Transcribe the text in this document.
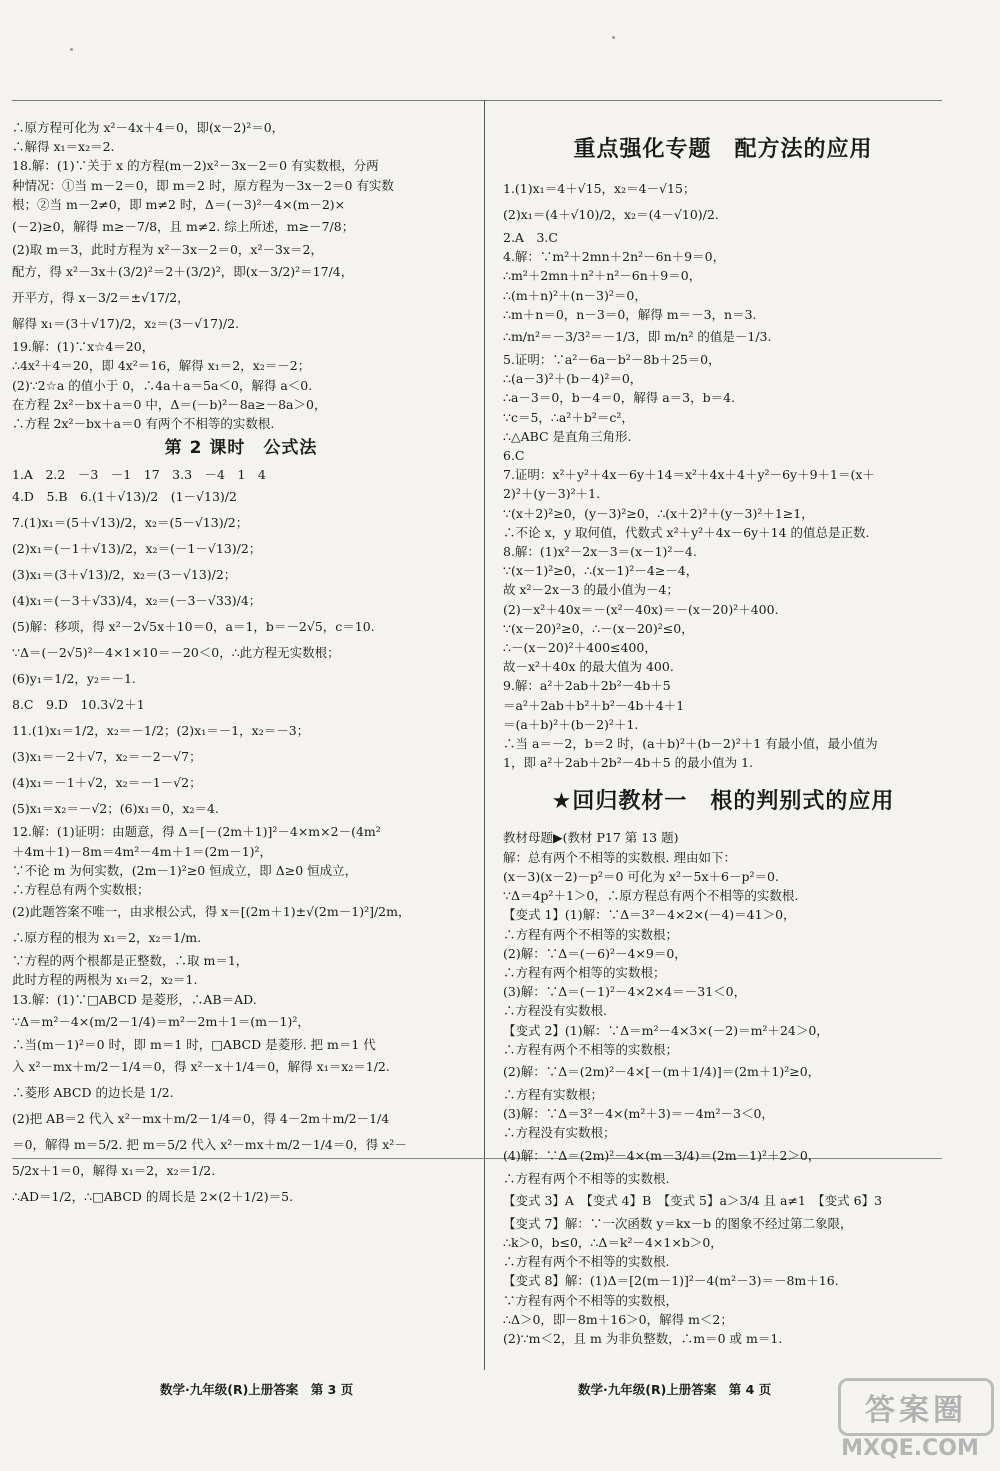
∴原方程可化为 x²－4x＋4＝0，即(x－2)²＝0，
∴解得 x₁＝x₂＝2.
18.解：(1)∵关于 x 的方程(m－2)x²－3x－2＝0 有实数根，分两
种情况：①当 m－2＝0，即 m＝2 时，原方程为－3x－2＝0 有实数
根；②当 m－2≠0，即 m≠2 时，Δ＝(－3)²－4×(m－2)×
(－2)≥0，解得 m≥－7/8，且 m≠2. 综上所述，m≥－7/8；
(2)取 m＝3，此时方程为 x²－3x－2＝0，x²－3x＝2，
配方，得 x²－3x＋(3/2)²＝2＋(3/2)²，即(x－3/2)²＝17/4，
开平方，得 x－3/2＝±√17/2，
解得 x₁＝(3＋√17)/2，x₂＝(3－√17)/2.
19.解：(1)∵x☆4＝20，
∴4x²＋4＝20，即 4x²＝16，解得 x₁＝2，x₂＝－2；
(2)∵2☆a 的值小于 0，∴4a＋a＝5a＜0，解得 a＜0.
在方程 2x²－bx＋a＝0 中，Δ＝(－b)²－8a≥－8a＞0，
∴方程 2x²－bx＋a＝0 有两个不相等的实数根.
第 2 课时　公式法
1.A　2.2　－3　－1　17　3.3　－4　1　4
4.D　5.B　6.(1＋√13)/2　(1－√13)/2
7.(1)x₁＝(5＋√13)/2，x₂＝(5－√13)/2；
(2)x₁＝(－1＋√13)/2，x₂＝(－1－√13)/2；
(3)x₁＝(3＋√13)/2，x₂＝(3－√13)/2；
(4)x₁＝(－3＋√33)/4，x₂＝(－3－√33)/4；
(5)解：移项，得 x²－2√5x＋10＝0，a＝1，b＝－2√5，c＝10.
∵Δ＝(－2√5)²－4×1×10＝－20＜0，∴此方程无实数根；
(6)y₁＝1/2，y₂＝－1.
8.C　9.D　10.3√2＋1
11.(1)x₁＝1/2，x₂＝－1/2；(2)x₁＝－1，x₂＝－3；
(3)x₁＝－2＋√7，x₂＝－2－√7；
(4)x₁＝－1＋√2，x₂＝－1－√2；
(5)x₁＝x₂＝－√2；(6)x₁＝0，x₂＝4.
12.解：(1)证明：由题意，得 Δ＝[－(2m＋1)]²－4×m×2－(4m²
＋4m＋1)－8m＝4m²－4m＋1＝(2m－1)²，
∵不论 m 为何实数，(2m－1)²≥0 恒成立，即 Δ≥0 恒成立，
∴方程总有两个实数根；
(2)此题答案不唯一，由求根公式，得 x＝[(2m＋1)±√(2m－1)²]/2m，
∴原方程的根为 x₁＝2，x₂＝1/m.
∵方程的两个根都是正整数，∴取 m＝1，
此时方程的两根为 x₁＝2，x₂＝1.
13.解：(1)∵□ABCD 是菱形，∴AB＝AD.
∵Δ＝m²－4×(m/2－1/4)＝m²－2m＋1＝(m－1)²，
∴当(m－1)²＝0 时，即 m＝1 时，□ABCD 是菱形. 把 m＝1 代
入 x²－mx＋m/2－1/4＝0，得 x²－x＋1/4＝0，解得 x₁＝x₂＝1/2.
∴菱形 ABCD 的边长是 1/2.
(2)把 AB＝2 代入 x²－mx＋m/2－1/4＝0，得 4－2m＋m/2－1/4
＝0，解得 m＝5/2. 把 m＝5/2 代入 x²－mx＋m/2－1/4＝0，得 x²－
5/2x＋1＝0，解得 x₁＝2，x₂＝1/2.
∴AD＝1/2，∴□ABCD 的周长是 2×(2＋1/2)＝5.
重点强化专题　配方法的应用
1.(1)x₁＝4＋√15，x₂＝4－√15；
(2)x₁＝(4＋√10)/2，x₂＝(4－√10)/2.
2.A　3.C
4.解：∵m²＋2mn＋2n²－6n＋9＝0，
∴m²＋2mn＋n²＋n²－6n＋9＝0，
∴(m＋n)²＋(n－3)²＝0，
∴m＋n＝0，n－3＝0，解得 m＝－3，n＝3.
∴m/n²＝－3/3²＝－1/3，即 m/n² 的值是－1/3.
5.证明：∵a²－6a－b²－8b＋25＝0，
∴(a－3)²＋(b－4)²＝0，
∴a－3＝0，b－4＝0，解得 a＝3，b＝4.
∵c＝5，∴a²＋b²＝c²，
∴△ABC 是直角三角形.
6.C
7.证明：x²＋y²＋4x－6y＋14＝x²＋4x＋4＋y²－6y＋9＋1＝(x＋
2)²＋(y－3)²＋1.
∵(x＋2)²≥0，(y－3)²≥0，∴(x＋2)²＋(y－3)²＋1≥1，
∴不论 x，y 取何值，代数式 x²＋y²＋4x－6y＋14 的值总是正数.
8.解：(1)x²－2x－3＝(x－1)²－4.
∵(x－1)²≥0，∴(x－1)²－4≥－4，
故 x²－2x－3 的最小值为－4；
(2)－x²＋40x＝－(x²－40x)＝－(x－20)²＋400.
∵(x－20)²≥0，∴－(x－20)²≤0，
∴－(x－20)²＋400≤400，
故－x²＋40x 的最大值为 400.
9.解：a²＋2ab＋2b²－4b＋5
＝a²＋2ab＋b²＋b²－4b＋4＋1
＝(a＋b)²＋(b－2)²＋1.
∴当 a＝－2，b＝2 时，(a＋b)²＋(b－2)²＋1 有最小值，最小值为
1，即 a²＋2ab＋2b²－4b＋5 的最小值为 1.
★回归教材一　根的判别式的应用
教材母题▶(教材 P17 第 13 题)
解：总有两个不相等的实数根. 理由如下：
(x－3)(x－2)－p²＝0 可化为 x²－5x＋6－p²＝0.
∵Δ＝4p²＋1＞0，∴原方程总有两个不相等的实数根.
【变式 1】(1)解：∵Δ＝3²－4×2×(－4)＝41＞0，
∴方程有两个不相等的实数根；
(2)解：∵Δ＝(－6)²－4×9＝0，
∴方程有两个相等的实数根；
(3)解：∵Δ＝(－1)²－4×2×4＝－31＜0，
∴方程没有实数根.
【变式 2】(1)解：∵Δ＝m²－4×3×(－2)＝m²＋24＞0，
∴方程有两个不相等的实数根；
(2)解：∵Δ＝(2m)²－4×[－(m＋1/4)]＝(2m＋1)²≥0，
∴方程有实数根；
(3)解：∵Δ＝3²－4×(m²＋3)＝－4m²－3＜0，
∴方程没有实数根；
(4)解：∵Δ＝(2m)²－4×(m－3/4)＝(2m－1)²＋2＞0，
∴方程有两个不相等的实数根.
【变式 3】A　【变式 4】B　【变式 5】a＞3/4 且 a≠1　【变式 6】3
【变式 7】解：∵一次函数 y＝kx－b 的图象不经过第二象限，
∴k＞0，b≤0，∴Δ＝k²－4×1×b＞0，
∴方程有两个不相等的实数根.
【变式 8】解：(1)Δ＝[2(m－1)]²－4(m²－3)＝－8m＋16.
∵方程有两个不相等的实数根，
∴Δ＞0，即－8m＋16＞0，解得 m＜2；
(2)∵m＜2，且 m 为非负整数，∴m＝0 或 m＝1.
数学·九年级(R)上册答案　第 3 页	数学·九年级(R)上册答案　第 4 页
答案圈
MXQE.COM
